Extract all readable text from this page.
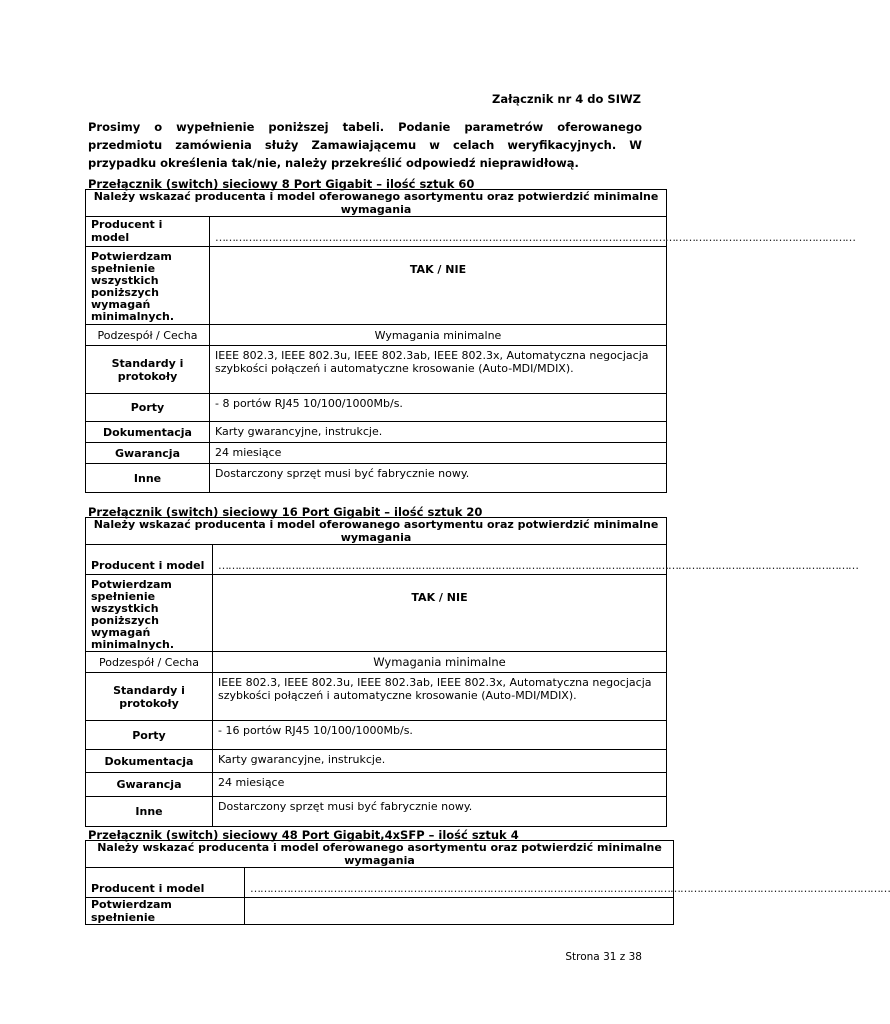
Załącznik nr 4 do SIWZ
Prosimy o wypełnienie poniższej tabeli. Podanie parametrów oferowanego przedmiotu zamówienia służy Zamawiającemu w celach weryfikacyjnych. W przypadku określenia tak/nie, należy przekreślić odpowiedź nieprawidłową.
Przełącznik (switch) sieciowy 8 Port Gigabit – ilość sztuk 60
Należy wskazać producenta i model oferowanego asortymentu oraz potwierdzić minimalne wymagania	
Producent i model	…………………………………………………………………………………………………………………………………………………………………………
Potwierdzam spełnienie wszystkich poniższych wymagań minimalnych.	TAK / NIE
Podzespół / Cecha	Wymagania minimalne
Standardy i protokoły	IEEE 802.3, IEEE 802.3u, IEEE 802.3ab, IEEE 802.3x, Automatyczna negocjacja szybkości połączeń i automatyczne krosowanie (Auto-MDI/MDIX).
Porty	- 8 portów RJ45 10/100/1000Mb/s.
Dokumentacja	Karty gwarancyjne, instrukcje.
Gwarancja	24 miesiące
Inne	Dostarczony sprzęt musi być fabrycznie nowy.
Przełącznik (switch) sieciowy 16 Port Gigabit – ilość sztuk 20
Należy wskazać producenta i model oferowanego asortymentu oraz potwierdzić minimalne wymagania	
Producent i model	…………………………………………………………………………………………………………………………………………………………………………
Potwierdzam spełnienie wszystkich poniższych wymagań minimalnych.	TAK / NIE
Podzespół / Cecha	Wymagania minimalne
Standardy i protokoły	IEEE 802.3, IEEE 802.3u, IEEE 802.3ab, IEEE 802.3x, Automatyczna negocjacja szybkości połączeń i automatyczne krosowanie (Auto-MDI/MDIX).
Porty	- 16 portów RJ45 10/100/1000Mb/s.
Dokumentacja	Karty gwarancyjne, instrukcje.
Gwarancja	24 miesiące
Inne	Dostarczony sprzęt musi być fabrycznie nowy.
Przełącznik (switch) sieciowy 48 Port Gigabit,4xSFP – ilość sztuk 4
Należy wskazać producenta i model oferowanego asortymentu oraz potwierdzić minimalne wymagania	
Producent i model	…………………………………………………………………………………………………………………………………………………………………………
Potwierdzam spełnienie	
Strona 31 z 38
